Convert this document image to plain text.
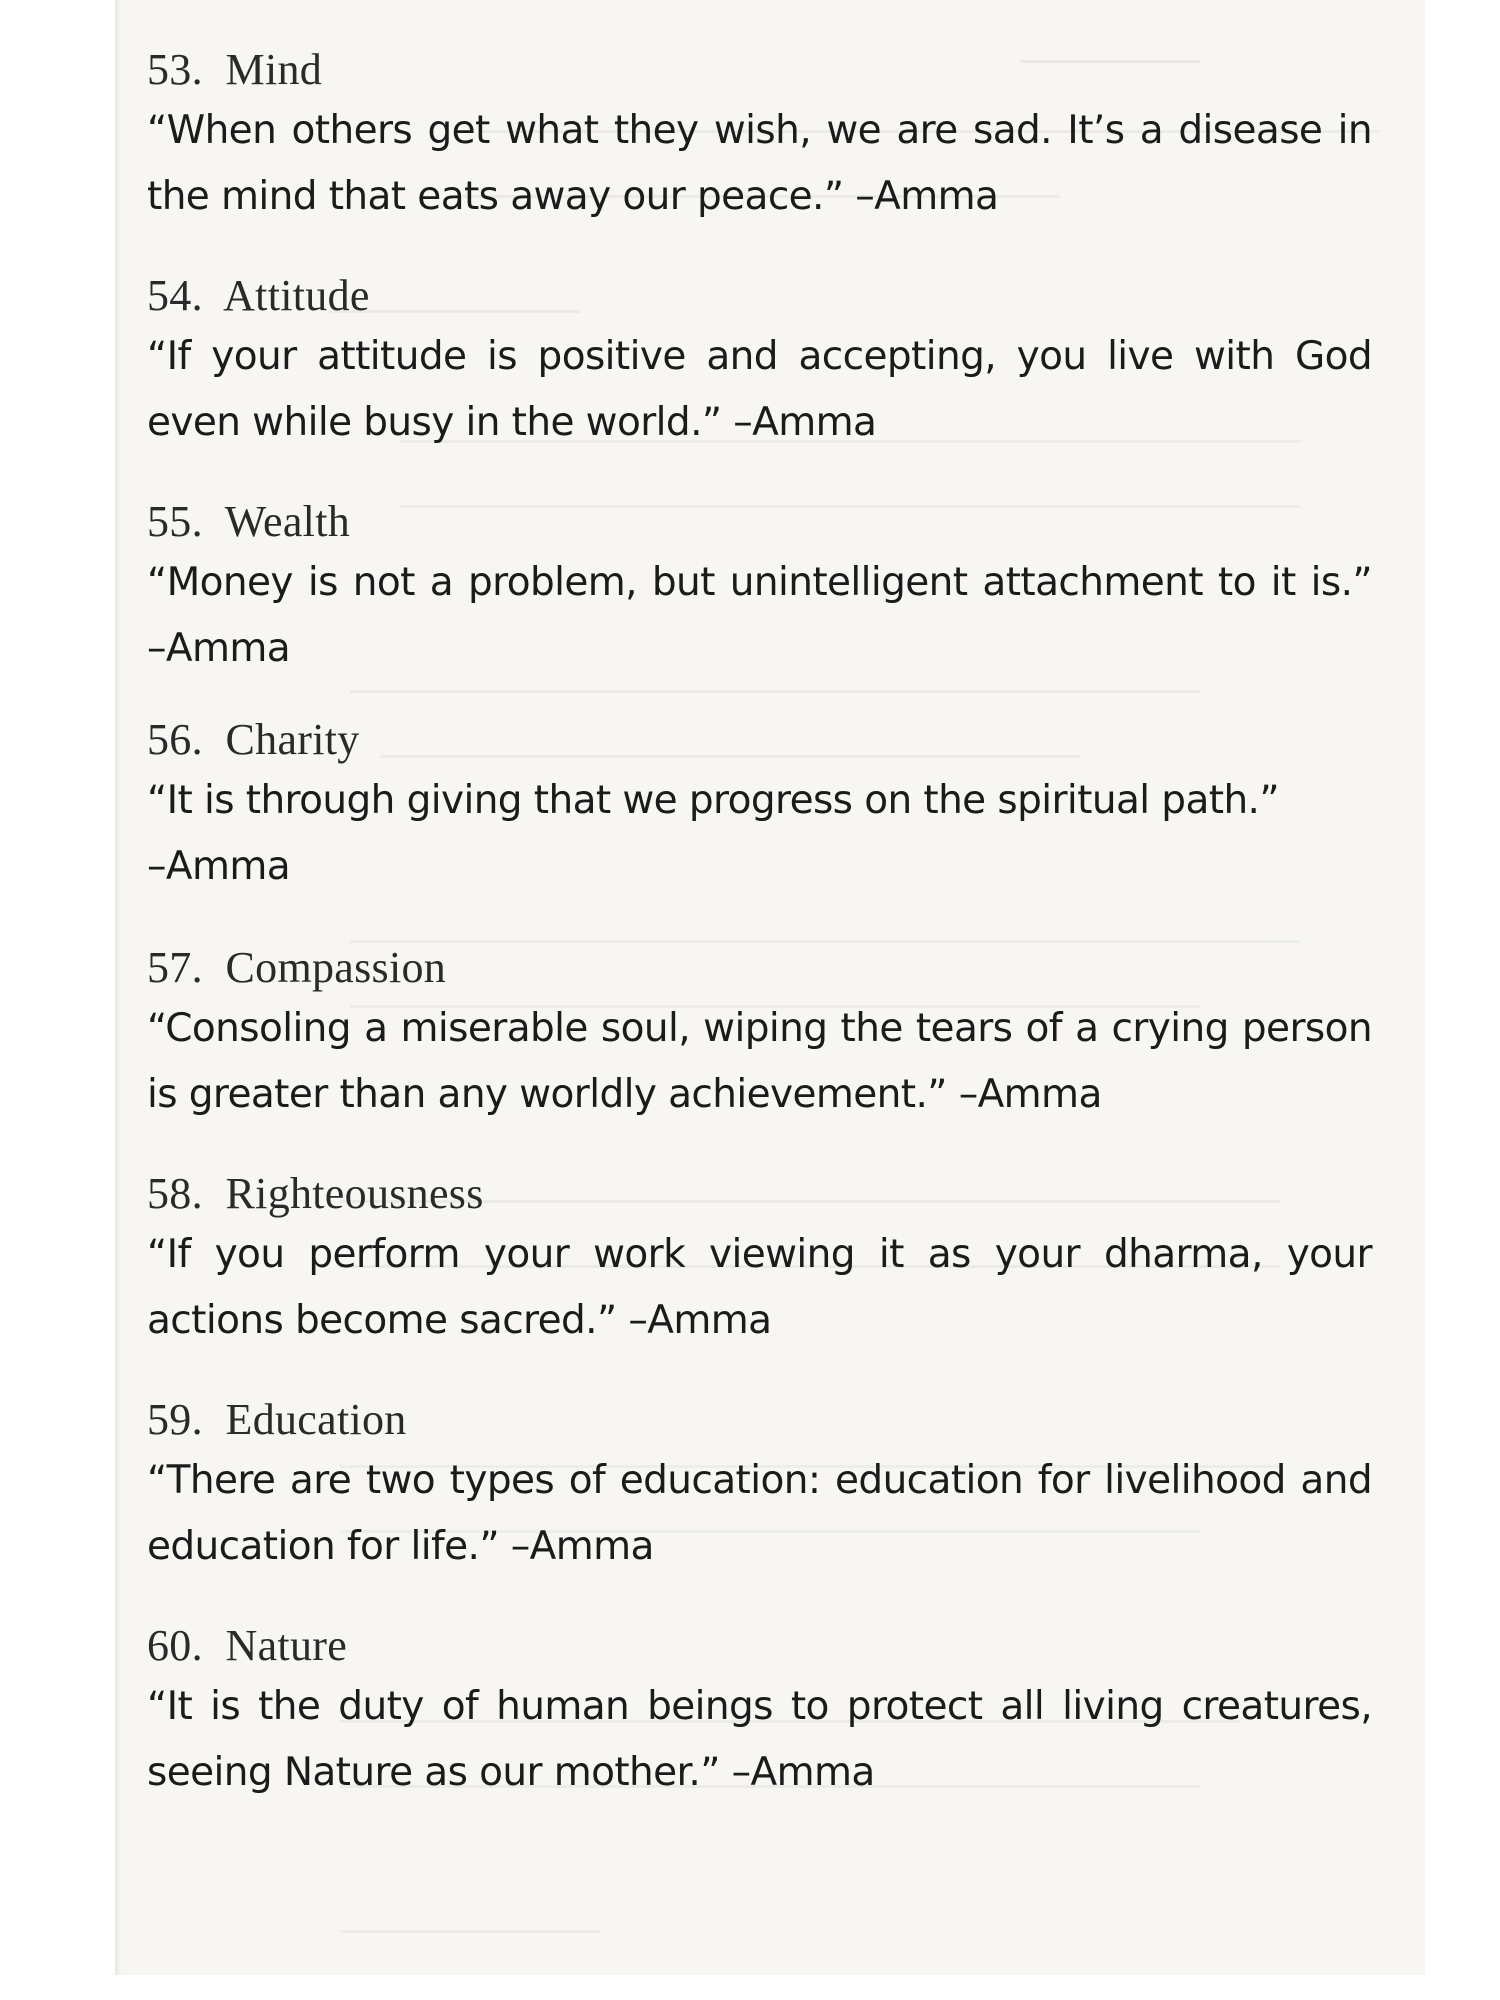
53. Mind

“When others get what they wish, we are sad. It’s a disease in the mind that eats away our peace.” –Amma

54. Attitude

“If your attitude is positive and accepting, you live with God even while busy in the world.” –Amma

55. Wealth

“Money is not a problem, but unintelligent attachment to it is.” –Amma

56. Charity

“It is through giving that we progress on the spiritual path.”
–Amma

57. Compassion

“Consoling a miserable soul, wiping the tears of a crying person is greater than any worldly achievement.” –Amma

58. Righteousness

“If you perform your work viewing it as your dharma, your actions become sacred.” –Amma

59. Education

“There are two types of education: education for livelihood and education for life.” –Amma

60. Nature

“It is the duty of human beings to protect all living creatures, seeing Nature as our mother.” –Amma
